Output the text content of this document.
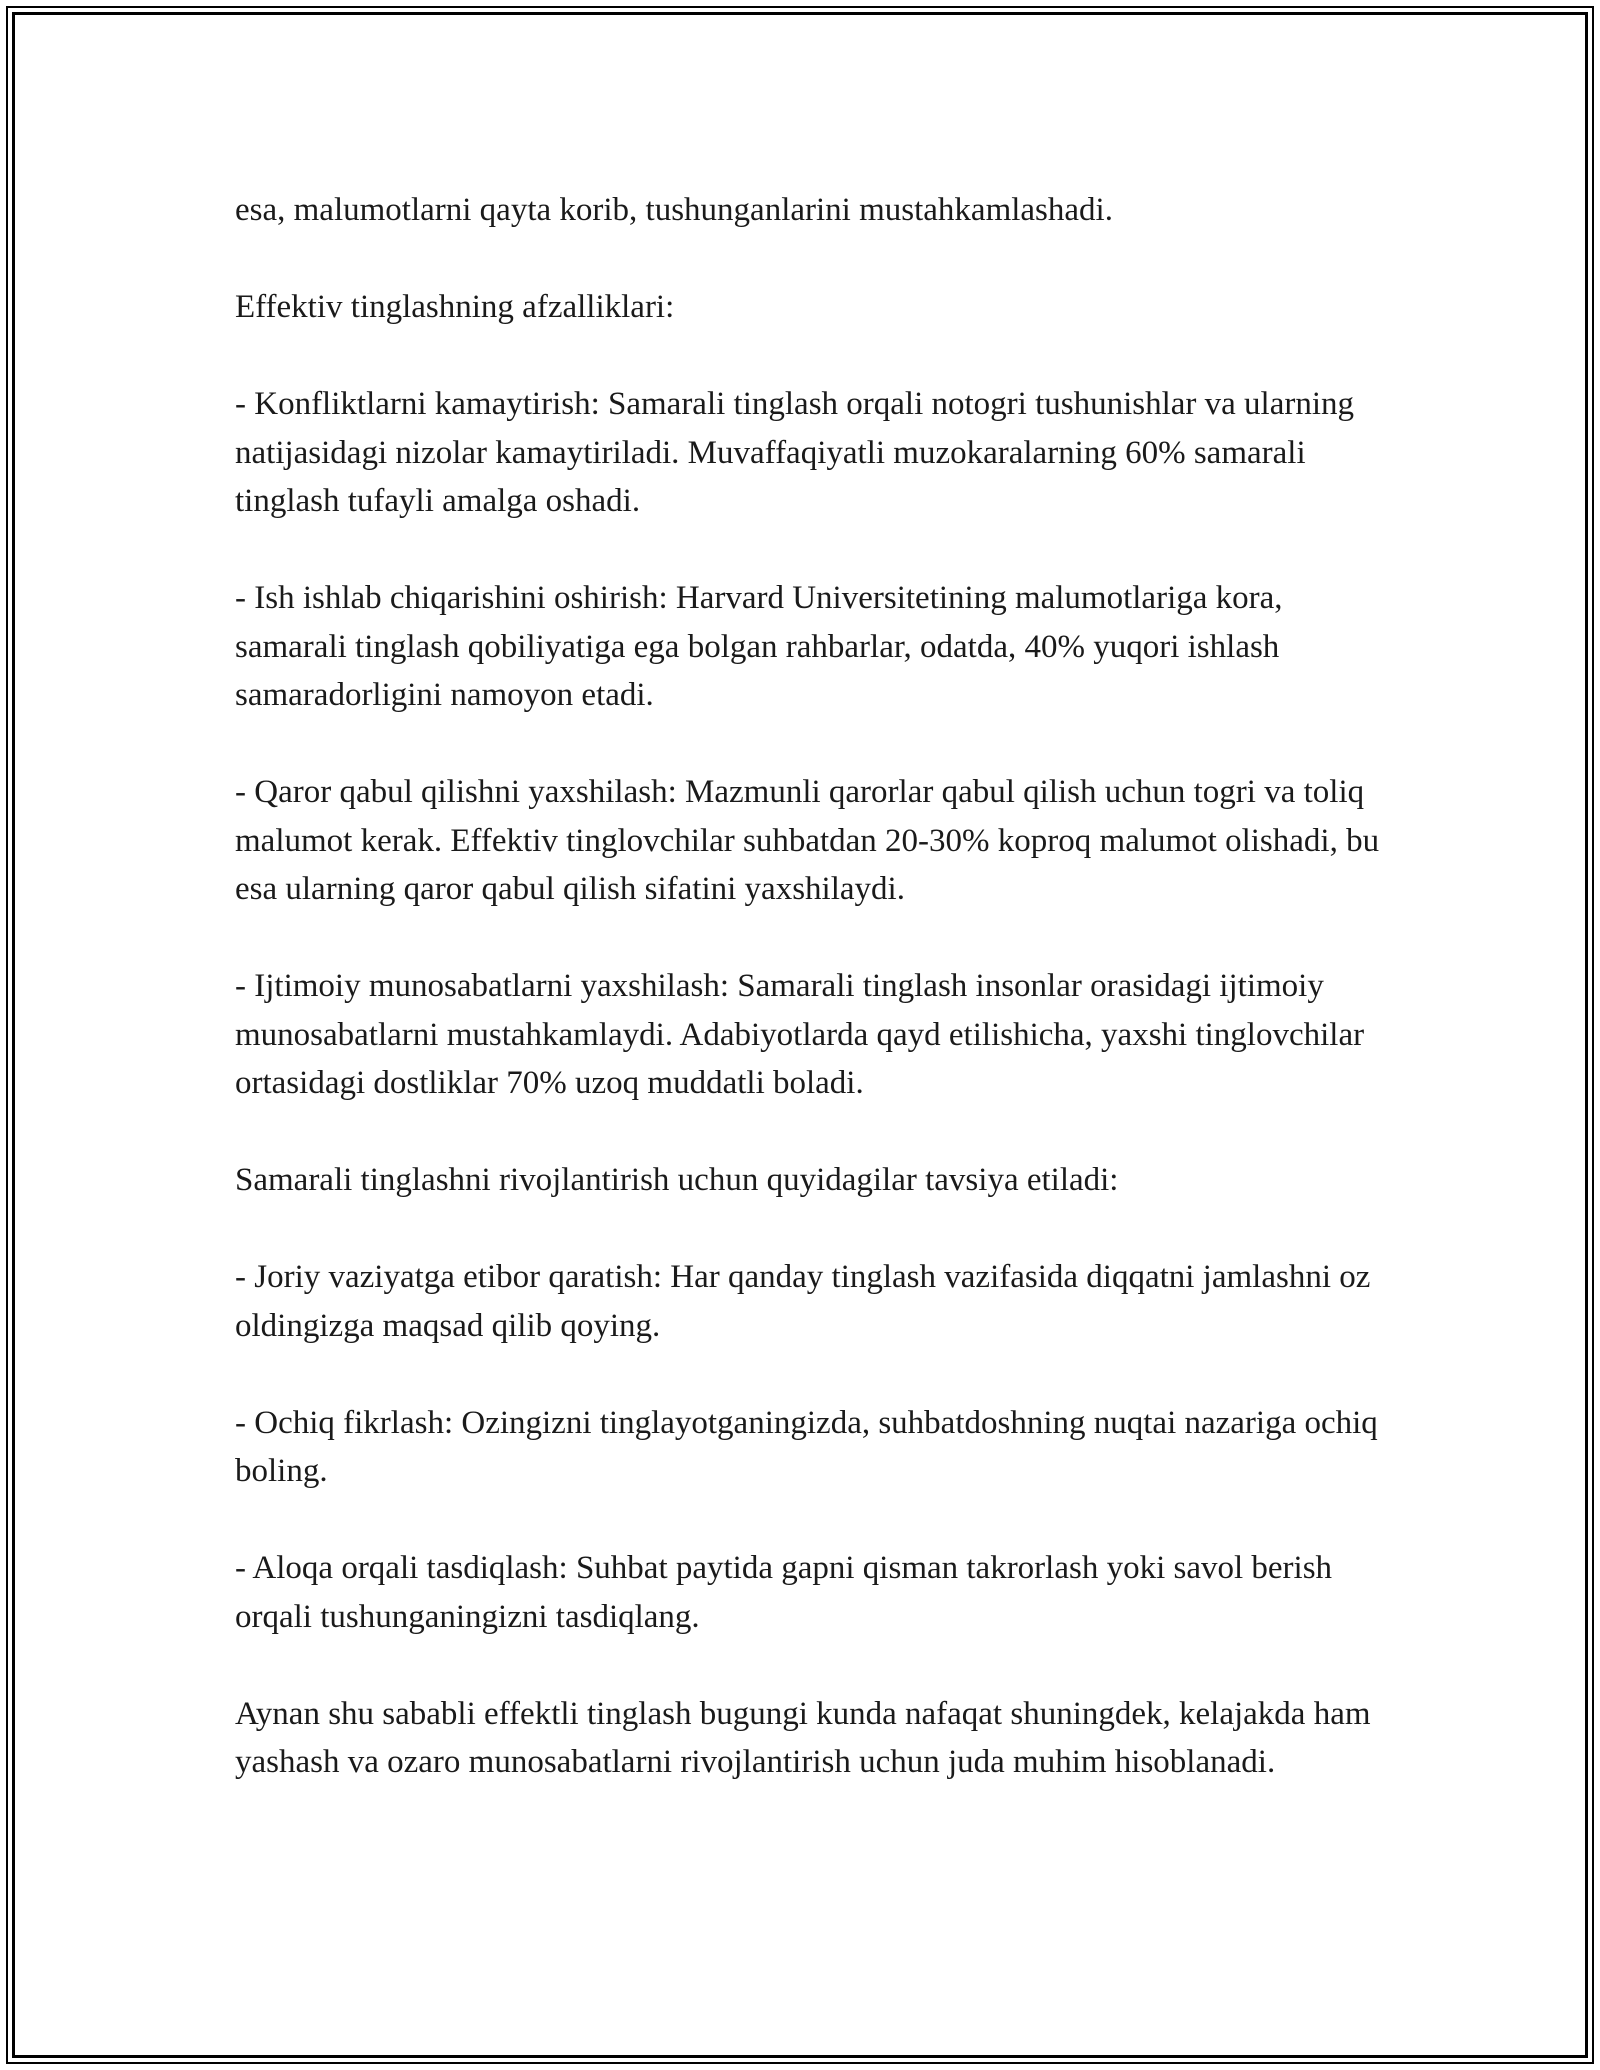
esa, malumotlarni qayta korib, tushunganlarini mustahkamlashadi.

Effektiv tinglashning afzalliklari:

- Konfliktlarni kamaytirish: Samarali tinglash orqali notogri tushunishlar va ularning natijasidagi nizolar kamaytiriladi. Muvaffaqiyatli muzokaralarning 60% samarali tinglash tufayli amalga oshadi.

- Ish ishlab chiqarishini oshirish: Harvard Universitetining malumotlariga kora, samarali tinglash qobiliyatiga ega bolgan rahbarlar, odatda, 40% yuqori ishlash samaradorligini namoyon etadi.

- Qaror qabul qilishni yaxshilash: Mazmunli qarorlar qabul qilish uchun togri va toliq malumot kerak. Effektiv tinglovchilar suhbatdan 20-30% koproq malumot olishadi, bu esa ularning qaror qabul qilish sifatini yaxshilaydi.

- Ijtimoiy munosabatlarni yaxshilash: Samarali tinglash insonlar orasidagi ijtimoiy munosabatlarni mustahkamlaydi. Adabiyotlarda qayd etilishicha, yaxshi tinglovchilar ortasidagi dostliklar 70% uzoq muddatli boladi.

Samarali tinglashni rivojlantirish uchun quyidagilar tavsiya etiladi:

- Joriy vaziyatga etibor qaratish: Har qanday tinglash vazifasida diqqatni jamlashni oz oldingizga maqsad qilib qoying.

- Ochiq fikrlash: Ozingizni tinglayotganingizda, suhbatdoshning nuqtai nazariga ochiq boling.

- Aloqa orqali tasdiqlash: Suhbat paytida gapni qisman takrorlash yoki savol berish orqali tushunganingizni tasdiqlang.

Aynan shu sababli effektli tinglash bugungi kunda nafaqat shuningdek, kelajakda ham yashash va ozaro munosabatlarni rivojlantirish uchun juda muhim hisoblanadi.
